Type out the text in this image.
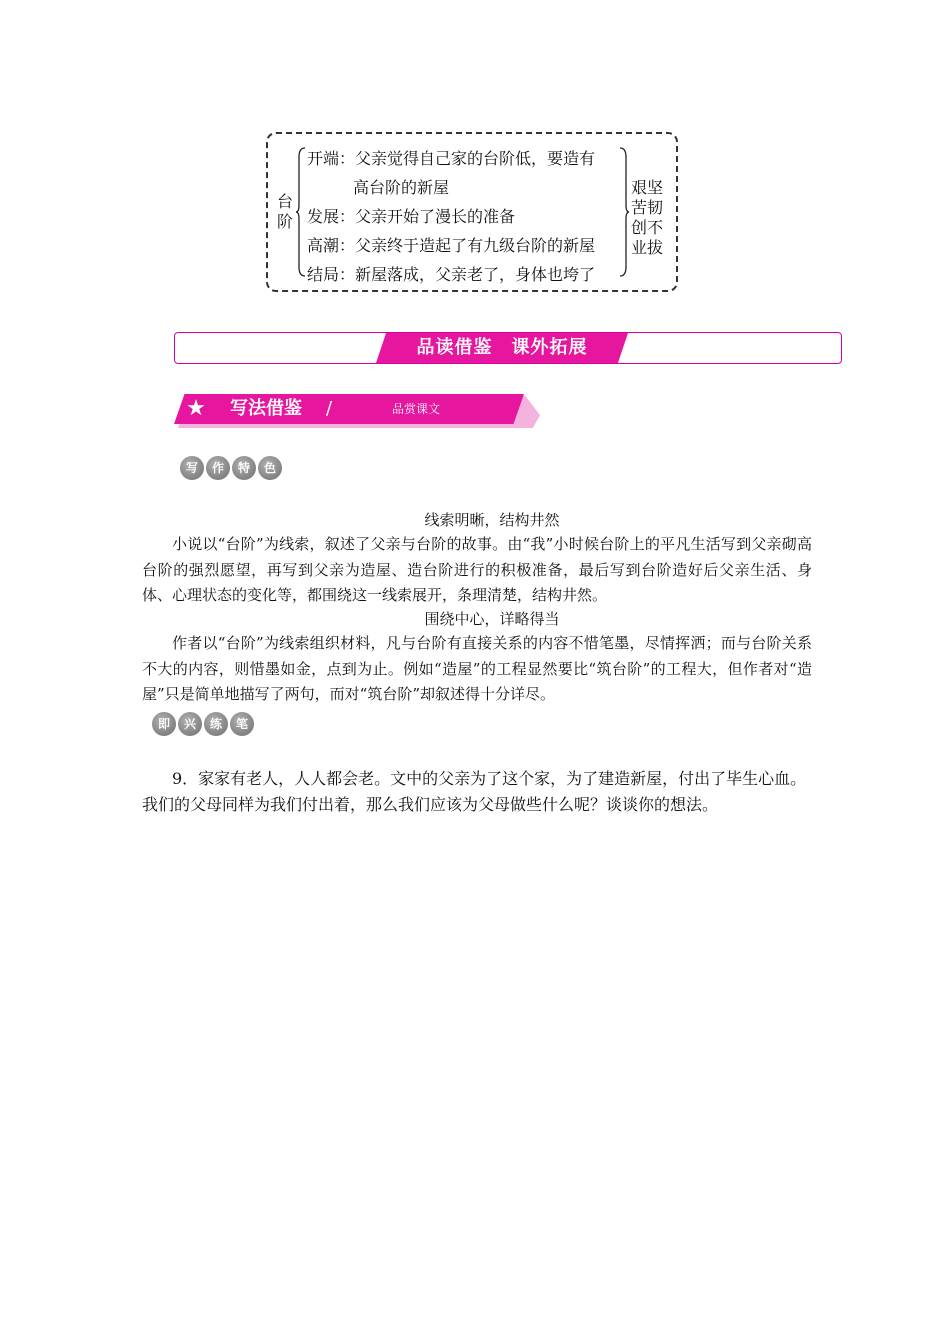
台阶
开端：父亲觉得自己家的台阶低，要造有
高台阶的新屋
发展：父亲开始了漫长的准备
高潮：父亲终于造起了有九级台阶的新屋
结局：新屋落成，父亲老了，身体也垮了
艰坚苦韧创不业拔
品读借鉴　课外拓展
★ 写法借鉴 /	品赏课文
写	作	特	色
线索明晰，结构井然
小说以“台阶”为线索，叙述了父亲与台阶的故事。由“我”小时候台阶上的平凡生活写到父亲砌高台阶的强烈愿望，再写到父亲为造屋、造台阶进行的积极准备，最后写到台阶造好后父亲生活、身体、心理状态的变化等，都围绕这一线索展开，条理清楚，结构井然。
围绕中心，详略得当
作者以“台阶”为线索组织材料，凡与台阶有直接关系的内容不惜笔墨，尽情挥洒；而与台阶关系不大的内容，则惜墨如金，点到为止。例如“造屋”的工程显然要比“筑台阶”的工程大，但作者对“造屋”只是简单地描写了两句，而对“筑台阶”却叙述得十分详尽。
即	兴	练	笔
9．家家有老人，人人都会老。文中的父亲为了这个家，为了建造新屋，付出了毕生心血。我们的父母同样为我们付出着，那么我们应该为父母做些什么呢？谈谈你的想法。
